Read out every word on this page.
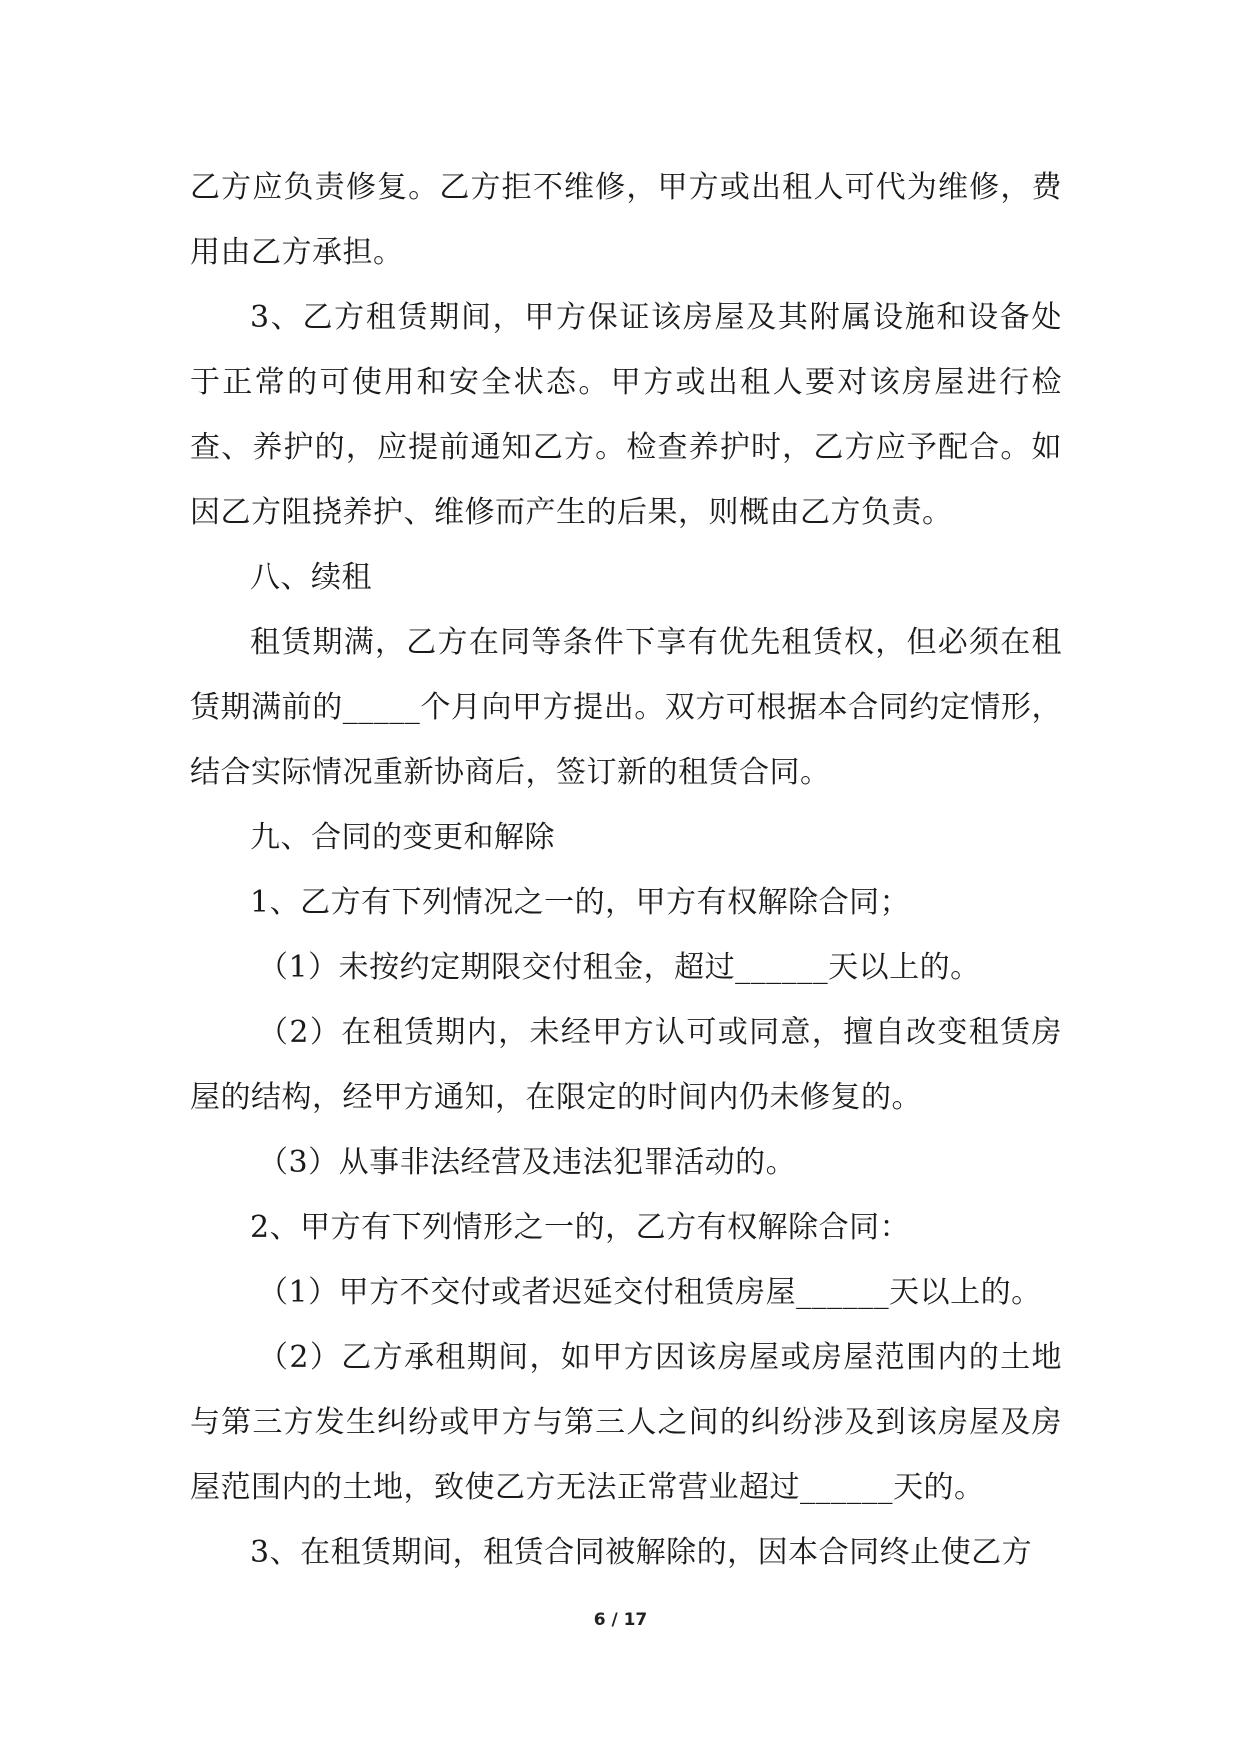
乙方应负责修复。乙方拒不维修，甲方或出租人可代为维修，费用由乙方承担。

3、乙方租赁期间，甲方保证该房屋及其附属设施和设备处于正常的可使用和安全状态。甲方或出租人要对该房屋进行检查、养护的，应提前通知乙方。检查养护时，乙方应予配合。如因乙方阻挠养护、维修而产生的后果，则概由乙方负责。

八、续租

租赁期满，乙方在同等条件下享有优先租赁权，但必须在租赁期满前的_____个月向甲方提出。双方可根据本合同约定情形，结合实际情况重新协商后，签订新的租赁合同。

九、合同的变更和解除

1、乙方有下列情况之一的，甲方有权解除合同；

（1）未按约定期限交付租金，超过______天以上的。

（2）在租赁期内，未经甲方认可或同意，擅自改变租赁房屋的结构，经甲方通知，在限定的时间内仍未修复的。

（3）从事非法经营及违法犯罪活动的。

2、甲方有下列情形之一的，乙方有权解除合同：

（1）甲方不交付或者迟延交付租赁房屋______天以上的。

（2）乙方承租期间，如甲方因该房屋或房屋范围内的土地与第三方发生纠纷或甲方与第三人之间的纠纷涉及到该房屋及房屋范围内的土地，致使乙方无法正常营业超过______天的。

3、在租赁期间，租赁合同被解除的，因本合同终止使乙方

6 / 17
